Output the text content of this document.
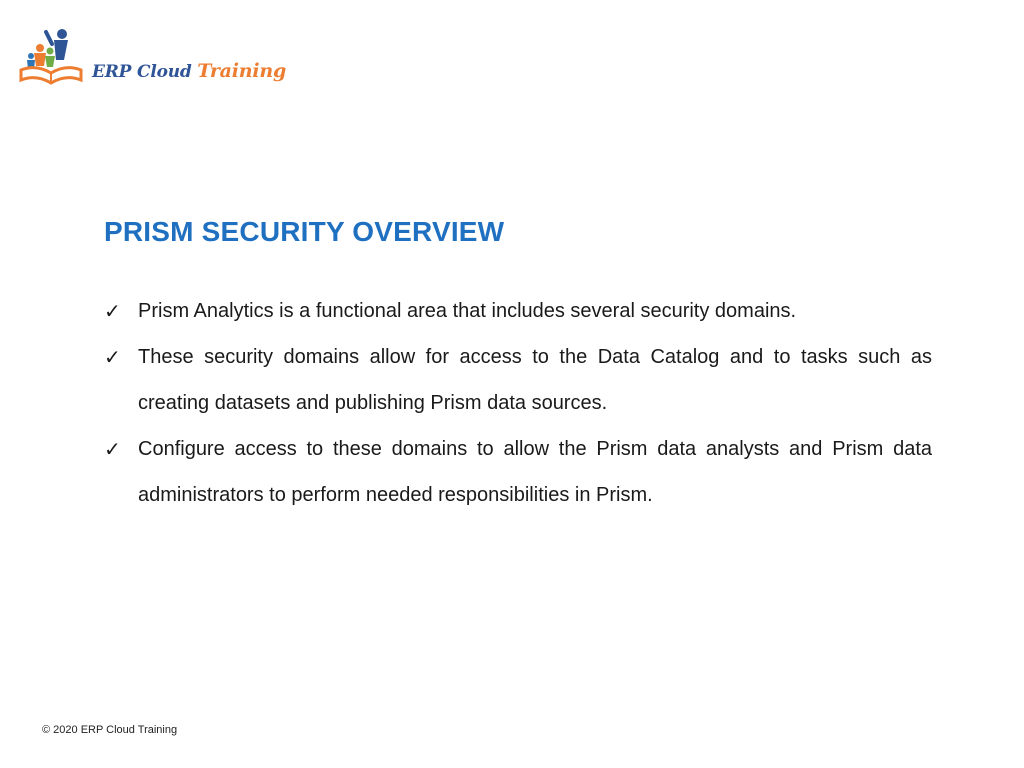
ERP Cloud Training
PRISM SECURITY OVERVIEW
✓ Prism Analytics is a functional area that includes several security domains.
✓ These security domains allow for access to the Data Catalog and to tasks such as creating datasets and publishing Prism data sources.
✓ Configure access to these domains to allow the Prism data analysts and Prism data administrators to perform needed responsibilities in Prism.
© 2020 ERP Cloud Training
